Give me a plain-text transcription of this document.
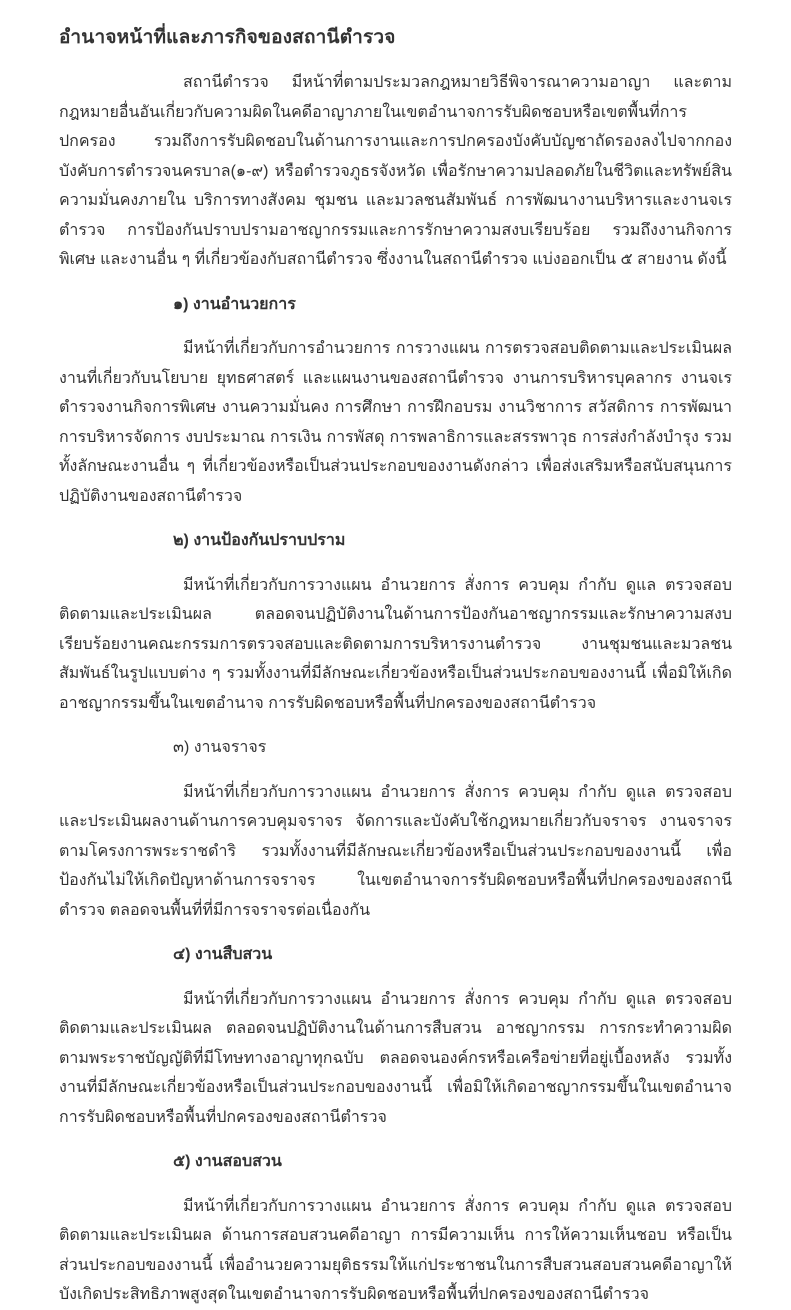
อำนาจหน้าที่และภารกิจของสถานีตำรวจ

สถานีตำรวจ มีหน้าที่ตามประมวลกฎหมายวิธีพิจารณาความอาญา และตามกฎหมายอื่นอันเกี่ยวกับความผิดในคดีอาญาภายในเขตอำนาจการรับผิดชอบหรือเขตพื้นที่การปกครอง รวมถึงการรับผิดชอบในด้านการงานและการปกครองบังคับบัญชาถัดรองลงไปจากกองบังคับการตำรวจนครบาล(๑-๙) หรือตำรวจภูธรจังหวัด เพื่อรักษาความปลอดภัยในชีวิตและทรัพย์สิน ความมั่นคงภายใน บริการทางสังคม ชุมชน และมวลชนสัมพันธ์ การพัฒนางานบริหารและงานจเรตำรวจ การป้องกันปราบปรามอาชญากรรมและการรักษาความสงบเรียบร้อย รวมถึงงานกิจการพิเศษ และงานอื่น ๆ ที่เกี่ยวข้องกับสถานีตำรวจ ซึ่งงานในสถานีตำรวจ แบ่งออกเป็น ๕ สายงาน ดังนี้

๑) งานอำนวยการ

มีหน้าที่เกี่ยวกับการอำนวยการ การวางแผน การตรวจสอบติดตามและประเมินผลงานที่เกี่ยวกับนโยบาย ยุทธศาสตร์ และแผนงานของสถานีตำรวจ งานการบริหารบุคลากร งานจเรตำรวจงานกิจการพิเศษ งานความมั่นคง การศึกษา การฝึกอบรม งานวิชาการ สวัสดิการ การพัฒนา การบริหารจัดการ งบประมาณ การเงิน การพัสดุ การพลาธิการและสรรพาวุธ การส่งกำลังบำรุง รวมทั้งลักษณะงานอื่น ๆ ที่เกี่ยวข้องหรือเป็นส่วนประกอบของงานดังกล่าว เพื่อส่งเสริมหรือสนับสนุนการปฏิบัติงานของสถานีตำรวจ

๒) งานป้องกันปราบปราม

มีหน้าที่เกี่ยวกับการวางแผน อำนวยการ สั่งการ ควบคุม กำกับ ดูแล ตรวจสอบติดตามและประเมินผล ตลอดจนปฏิบัติงานในด้านการป้องกันอาชญากรรมและรักษาความสงบเรียบร้อยงานคณะกรรมการตรวจสอบและติดตามการบริหารงานตำรวจ งานชุมชนและมวลชนสัมพันธ์ในรูปแบบต่าง ๆ รวมทั้งงานที่มีลักษณะเกี่ยวข้องหรือเป็นส่วนประกอบของงานนี้ เพื่อมิให้เกิดอาชญากรรมขึ้นในเขตอำนาจ การรับผิดชอบหรือพื้นที่ปกครองของสถานีตำรวจ

๓) งานจราจร

มีหน้าที่เกี่ยวกับการวางแผน อำนวยการ สั่งการ ควบคุม กำกับ ดูแล ตรวจสอบและประเมินผลงานด้านการควบคุมจราจร จัดการและบังคับใช้กฎหมายเกี่ยวกับจราจร งานจราจรตามโครงการพระราชดำริ รวมทั้งงานที่มีลักษณะเกี่ยวข้องหรือเป็นส่วนประกอบของงานนี้ เพื่อป้องกันไม่ให้เกิดปัญหาด้านการจราจร ในเขตอำนาจการรับผิดชอบหรือพื้นที่ปกครองของสถานีตำรวจ ตลอดจนพื้นที่ที่มีการจราจรต่อเนื่องกัน

๔) งานสืบสวน

มีหน้าที่เกี่ยวกับการวางแผน อำนวยการ สั่งการ ควบคุม กำกับ ดูแล ตรวจสอบติดตามและประเมินผล ตลอดจนปฏิบัติงานในด้านการสืบสวน อาชญากรรม การกระทำความผิดตามพระราชบัญญัติที่มีโทษทางอาญาทุกฉบับ ตลอดจนองค์กรหรือเครือข่ายที่อยู่เบื้องหลัง รวมทั้งงานที่มีลักษณะเกี่ยวข้องหรือเป็นส่วนประกอบของงานนี้ เพื่อมิให้เกิดอาชญากรรมขึ้นในเขตอำนาจการรับผิดชอบหรือพื้นที่ปกครองของสถานีตำรวจ

๕) งานสอบสวน

มีหน้าที่เกี่ยวกับการวางแผน อำนวยการ สั่งการ ควบคุม กำกับ ดูแล ตรวจสอบติดตามและประเมินผล ด้านการสอบสวนคดีอาญา การมีความเห็น การให้ความเห็นชอบ หรือเป็นส่วนประกอบของงานนี้ เพื่ออำนวยความยุติธรรมให้แก่ประชาชนในการสืบสวนสอบสวนคดีอาญาให้บังเกิดประสิทธิภาพสูงสุดในเขตอำนาจการรับผิดชอบหรือพื้นที่ปกครองของสถานีตำรวจ
